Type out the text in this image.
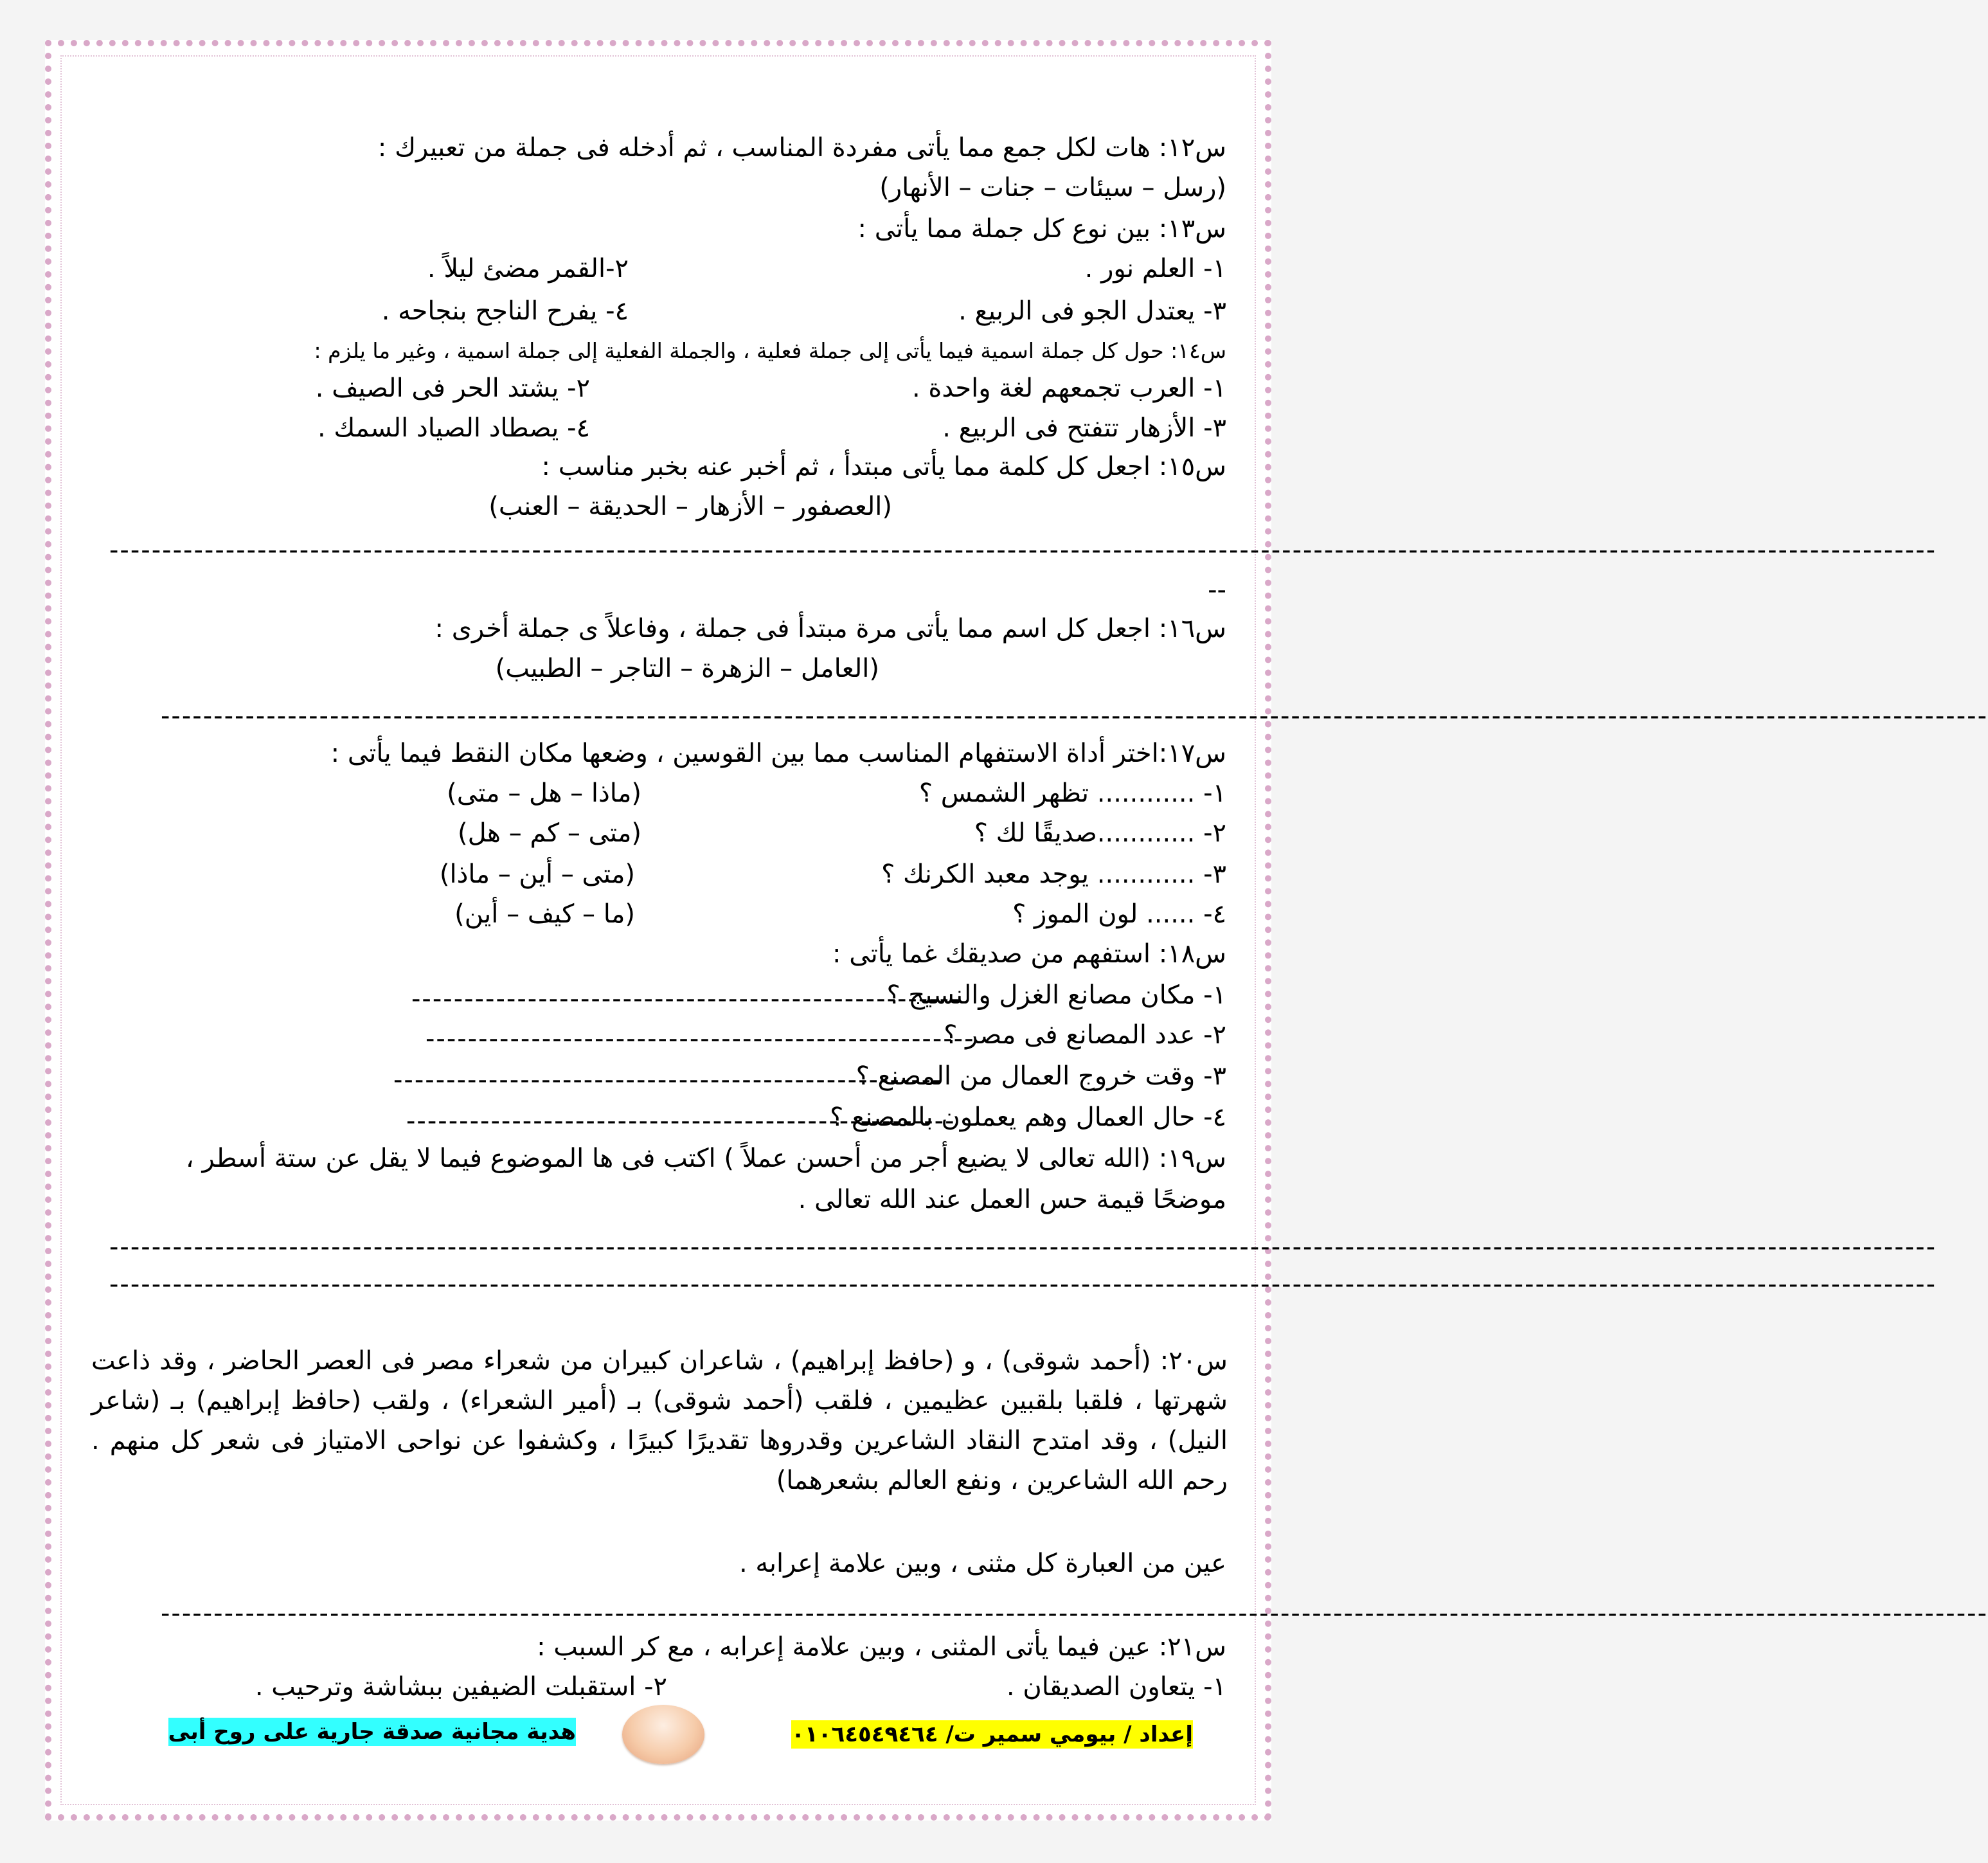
س١٢: هات لكل جمع مما يأتى مفردة المناسب ، ثم أدخله فى جملة من تعبيرك :
(رسل – سيئات – جنات – الأنهار)
س١٣: بين نوع كل جملة مما يأتى :
١- العلم نور .
٢-القمر مضئ ليلاً .
٣- يعتدل الجو فى الربيع .
٤- يفرح الناجح بنجاحه .
س١٤: حول كل جملة اسمية فيما يأتى إلى جملة فعلية ، والجملة الفعلية إلى جملة اسمية ، وغير ما يلزم :
١- العرب تجمعهم لغة واحدة .
٢- يشتد الحر فى الصيف .
٣- الأزهار تتفتح فى الربيع .
٤- يصطاد الصياد السمك .
س١٥: اجعل كل كلمة مما يأتى مبتدأ ، ثم أخبر عنه بخبر مناسب :
(العصفور – الأزهار – الحديقة – العنب)
-----------------------------------------------------------------------------------------------------------------------------------------------------------------------------
--
س١٦: اجعل كل اسم مما يأتى مرة مبتدأ فى جملة ، وفاعلاً ى جملة أخرى :
(العامل – الزهرة – التاجر – الطبيب)
-----------------------------------------------------------------------------------------------------------------------------------------------------------------------------
س١٧:اختر أداة الاستفهام المناسب مما بين القوسين ، وضعها مكان النقط فيما يأتى :
١- ............ تظهر الشمس ؟
(ماذا – هل – متى)
٢- ............صديقًا لك ؟
(متى – كم – هل)
٣- ............ يوجد معبد الكرنك ؟
(متى – أين – ماذا)
٤- ...... لون الموز ؟
(ما – كيف – أين)
س١٨: استفهم من صديقك غما يأتى :
١- مكان مصانع الغزل والنسيج ؟
----------------------------------------------------
٢- عدد المصانع فى مصر ؟
----------------------------------------------------
٣- وقت خروج العمال من المصنع ؟
----------------------------------------------------
٤- حال العمال وهم يعملون بالمصنع ؟
----------------------------------------------------
س١٩: (الله تعالى لا يضيع أجر من أحسن عملاً ) اكتب فى ها الموضوع فيما لا يقل عن ستة أسطر ،
موضحًا قيمة حس العمل عند الله تعالى .
-----------------------------------------------------------------------------------------------------------------------------------------------------------------------------
-----------------------------------------------------------------------------------------------------------------------------------------------------------------------------
س٢٠: (أحمد شوقى) ، و (حافظ إبراهيم) ، شاعران كبيران من شعراء مصر فى العصر الحاضر ، وقد ذاعت شهرتها ، فلقبا بلقبين عظيمين ، فلقب (أحمد شوقى) بـ (أمير الشعراء) ، ولقب (حافظ إبراهيم) بـ (شاعر النيل) ، وقد امتدح النقاد الشاعرين وقدروها تقديرًا كبيرًا ، وكشفوا عن نواحى الامتياز فى شعر كل منهم . رحم الله الشاعرين ، ونفع العالم بشعرهما)
عين من العبارة كل مثنى ، وبين علامة إعرابه .
-----------------------------------------------------------------------------------------------------------------------------------------------------------------------------
س٢١: عين فيما يأتى المثنى ، وبين علامة إعرابه ، مع كر السبب :
١- يتعاون الصديقان .
٢- استقبلت الضيفين ببشاشة وترحيب .
إعداد / بيومي سمير ت/ ٠١٠٦٤٥٤٩٤٦٤
هدية مجانية صدقة جارية على روح أبى
